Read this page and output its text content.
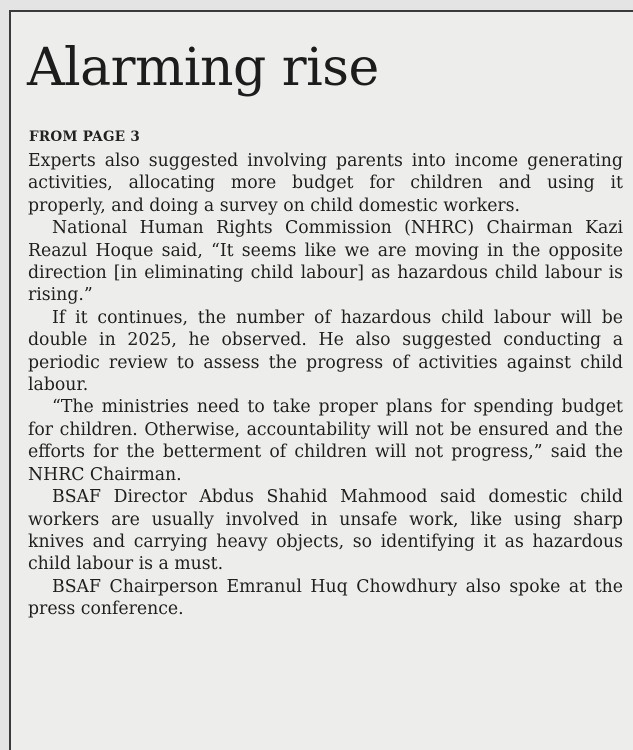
Alarming rise
FROM PAGE 3

Experts also suggested involving parents into income generating activities, allocating more budget for children and using it properly, and doing a survey on child domestic workers.

National Human Rights Commission (NHRC) Chairman Kazi Reazul Hoque said, “It seems like we are moving in the opposite direction [in eliminating child labour] as hazardous child labour is rising.”

If it continues, the number of hazardous child labour will be double in 2025, he observed. He also suggested conducting a periodic review to assess the progress of activities against child labour.

“The ministries need to take proper plans for spending budget for children. Otherwise, accountability will not be ensured and the efforts for the betterment of children will not progress,” said the NHRC Chairman.

BSAF Director Abdus Shahid Mahmood said domestic child workers are usually involved in unsafe work, like using sharp knives and carrying heavy objects, so identifying it as hazardous child labour is a must.

BSAF Chairperson Emranul Huq Chowdhury also spoke at the press conference.
